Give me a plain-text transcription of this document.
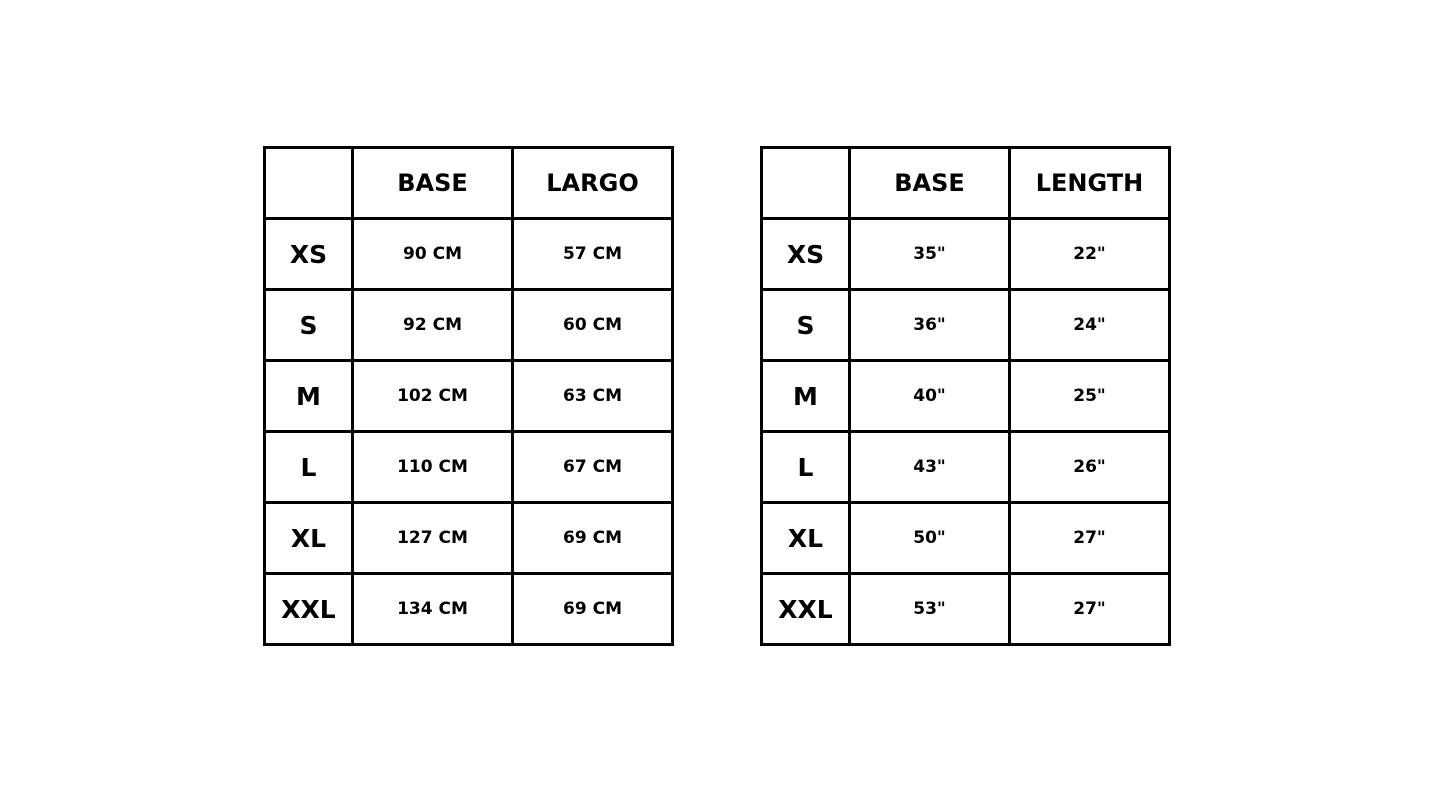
	BASE	LARGO
XS	90 CM	57 CM
S	92 CM	60 CM
M	102 CM	63 CM
L	110 CM	67 CM
XL	127 CM	69 CM
XXL	134 CM	69 CM
	BASE	LENGTH
XS	35"	22"
S	36"	24"
M	40"	25"
L	43"	26"
XL	50"	27"
XXL	53"	27"
